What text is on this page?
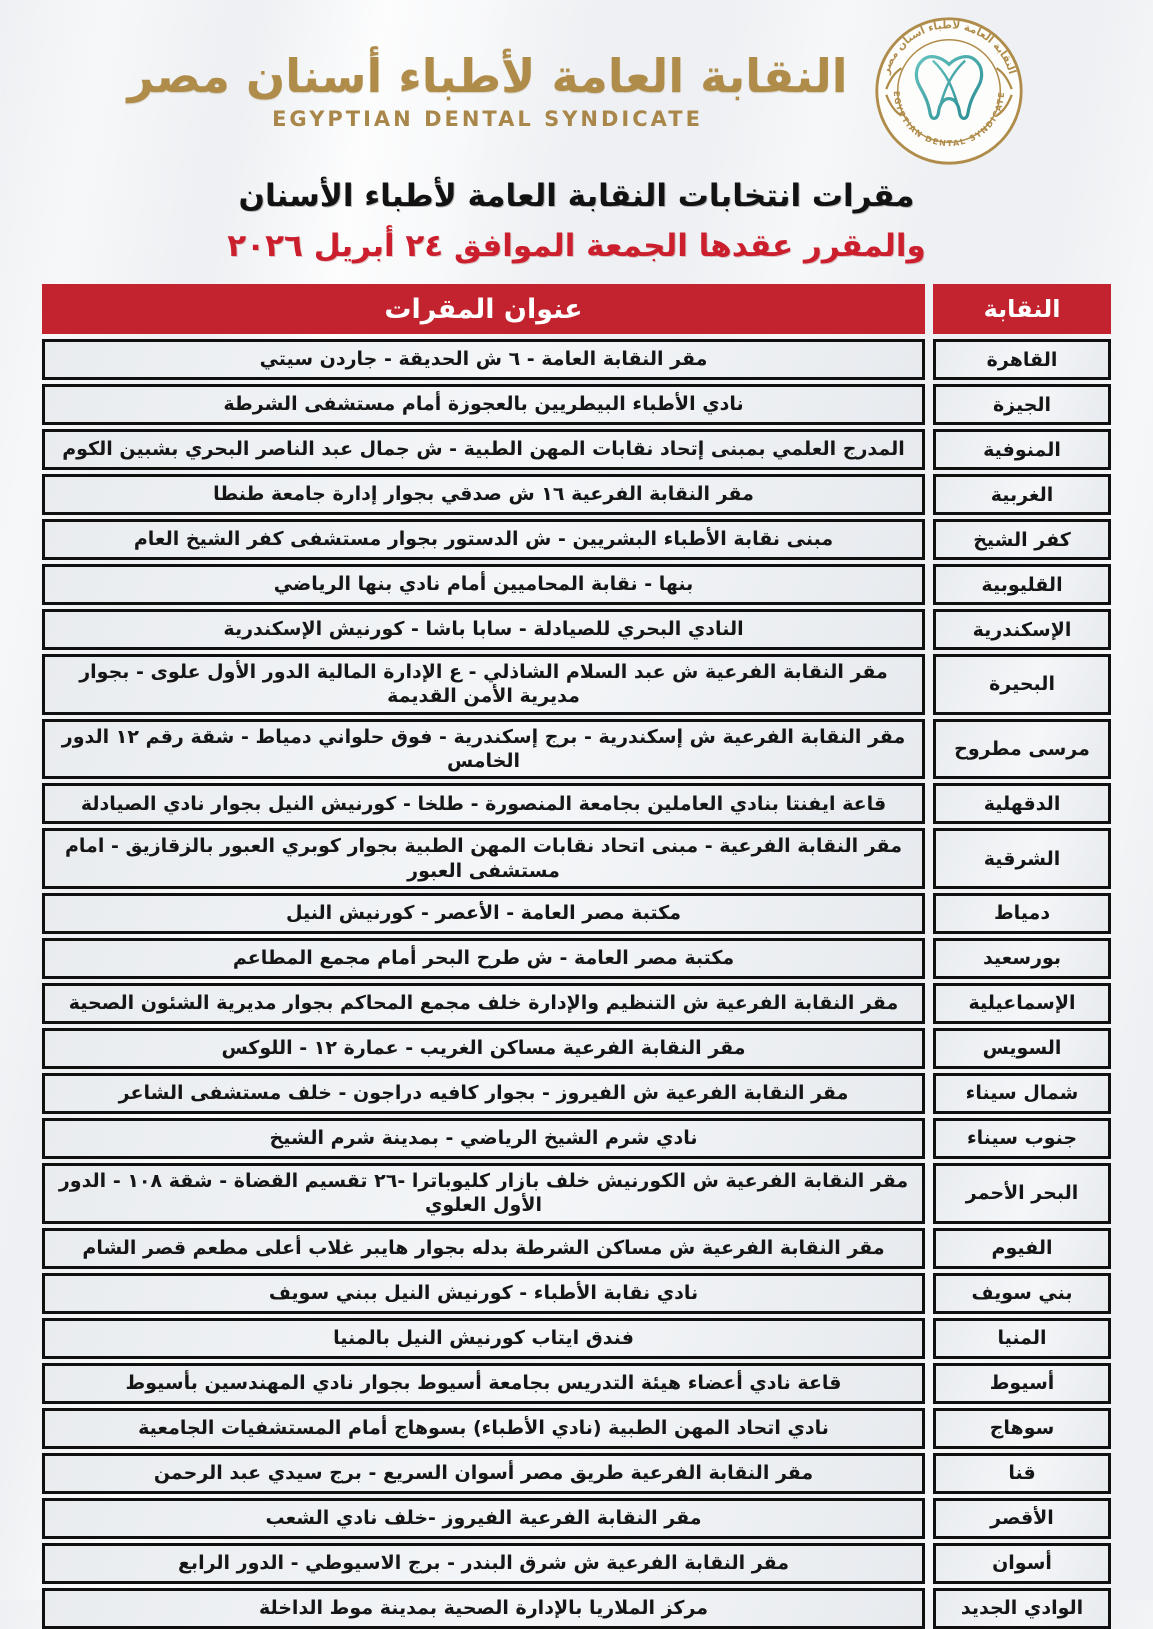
النقابة العامة لأطباء أسنان مصر
EGYPTIAN DENTAL SYNDICATE
النقابة العامة لأطباء أسنان مصر
EGYPTIAN DENTAL SYNDICATE
مقرات انتخابات النقابة العامة لأطباء الأسنان
والمقرر عقدها الجمعة الموافق ٢٤ أبريل ٢٠٢٦
النقابة
عنوان المقرات
القاهرة
مقر النقابة العامة - ٦ ش الحديقة - جاردن سيتي
الجيزة
نادي الأطباء البيطريين بالعجوزة أمام مستشفى الشرطة
المنوفية
المدرج العلمي بمبنى إتحاد نقابات المهن الطبية - ش جمال عبد الناصر البحري بشبين الكوم
الغربية
مقر النقابة الفرعية ١٦ ش صدقي بجوار إدارة جامعة طنطا
كفر الشيخ
مبنى نقابة الأطباء البشريين - ش الدستور بجوار مستشفى كفر الشيخ العام
القليوبية
بنها - نقابة المحاميين أمام نادي بنها الرياضي
الإسكندرية
النادي البحري للصيادلة - سابا باشا - كورنيش الإسكندرية
البحيرة
مقر النقابة الفرعية ش عبد السلام الشاذلي - ع الإدارة المالية الدور الأول علوى - بجوار مديرية الأمن القديمة
مرسى مطروح
مقر النقابة الفرعية ش إسكندرية - برج إسكندرية - فوق حلواني دمياط - شقة رقم ١٢ الدور الخامس
الدقهلية
قاعة ايفنتا بنادي العاملين بجامعة المنصورة - طلخا - كورنيش النيل بجوار نادي الصيادلة
الشرقية
مقر النقابة الفرعية - مبنى اتحاد نقابات المهن الطبية بجوار كوبري العبور بالزقازيق - امام مستشفى العبور
دمياط
مكتبة مصر العامة - الأعصر - كورنيش النيل
بورسعيد
مكتبة مصر العامة - ش طرح البحر أمام مجمع المطاعم
الإسماعيلية
مقر النقابة الفرعية ش التنظيم والإدارة خلف مجمع المحاكم بجوار مديرية الشئون الصحية
السويس
مقر النقابة الفرعية مساكن الغريب - عمارة ١٢ - اللوكس
شمال سيناء
مقر النقابة الفرعية ش الفيروز - بجوار كافيه دراجون - خلف مستشفى الشاعر
جنوب سيناء
نادي شرم الشيخ الرياضي - بمدينة شرم الشيخ
البحر الأحمر
مقر النقابة الفرعية ش الكورنيش خلف بازار كليوباترا -٢٦ تقسيم القضاة - شقة ١٠٨ - الدور الأول العلوي
الفيوم
مقر النقابة الفرعية ش مساكن الشرطة بدله بجوار هايبر غلاب أعلى مطعم قصر الشام
بني سويف
نادي نقابة الأطباء - كورنيش النيل ببني سويف
المنيا
فندق ايتاب كورنيش النيل بالمنيا
أسيوط
قاعة نادي أعضاء هيئة التدريس بجامعة أسيوط بجوار نادي المهندسين بأسيوط
سوهاج
نادي اتحاد المهن الطبية (نادي الأطباء) بسوهاج أمام المستشفيات الجامعية
قنا
مقر النقابة الفرعية طريق مصر أسوان السريع - برج سيدي عبد الرحمن
الأقصر
مقر النقابة الفرعية الفيروز -خلف نادي الشعب
أسوان
مقر النقابة الفرعية ش شرق البندر - برج الاسيوطي - الدور الرابع
الوادي الجديد
مركز الملاريا بالإدارة الصحية بمدينة موط الداخلة
